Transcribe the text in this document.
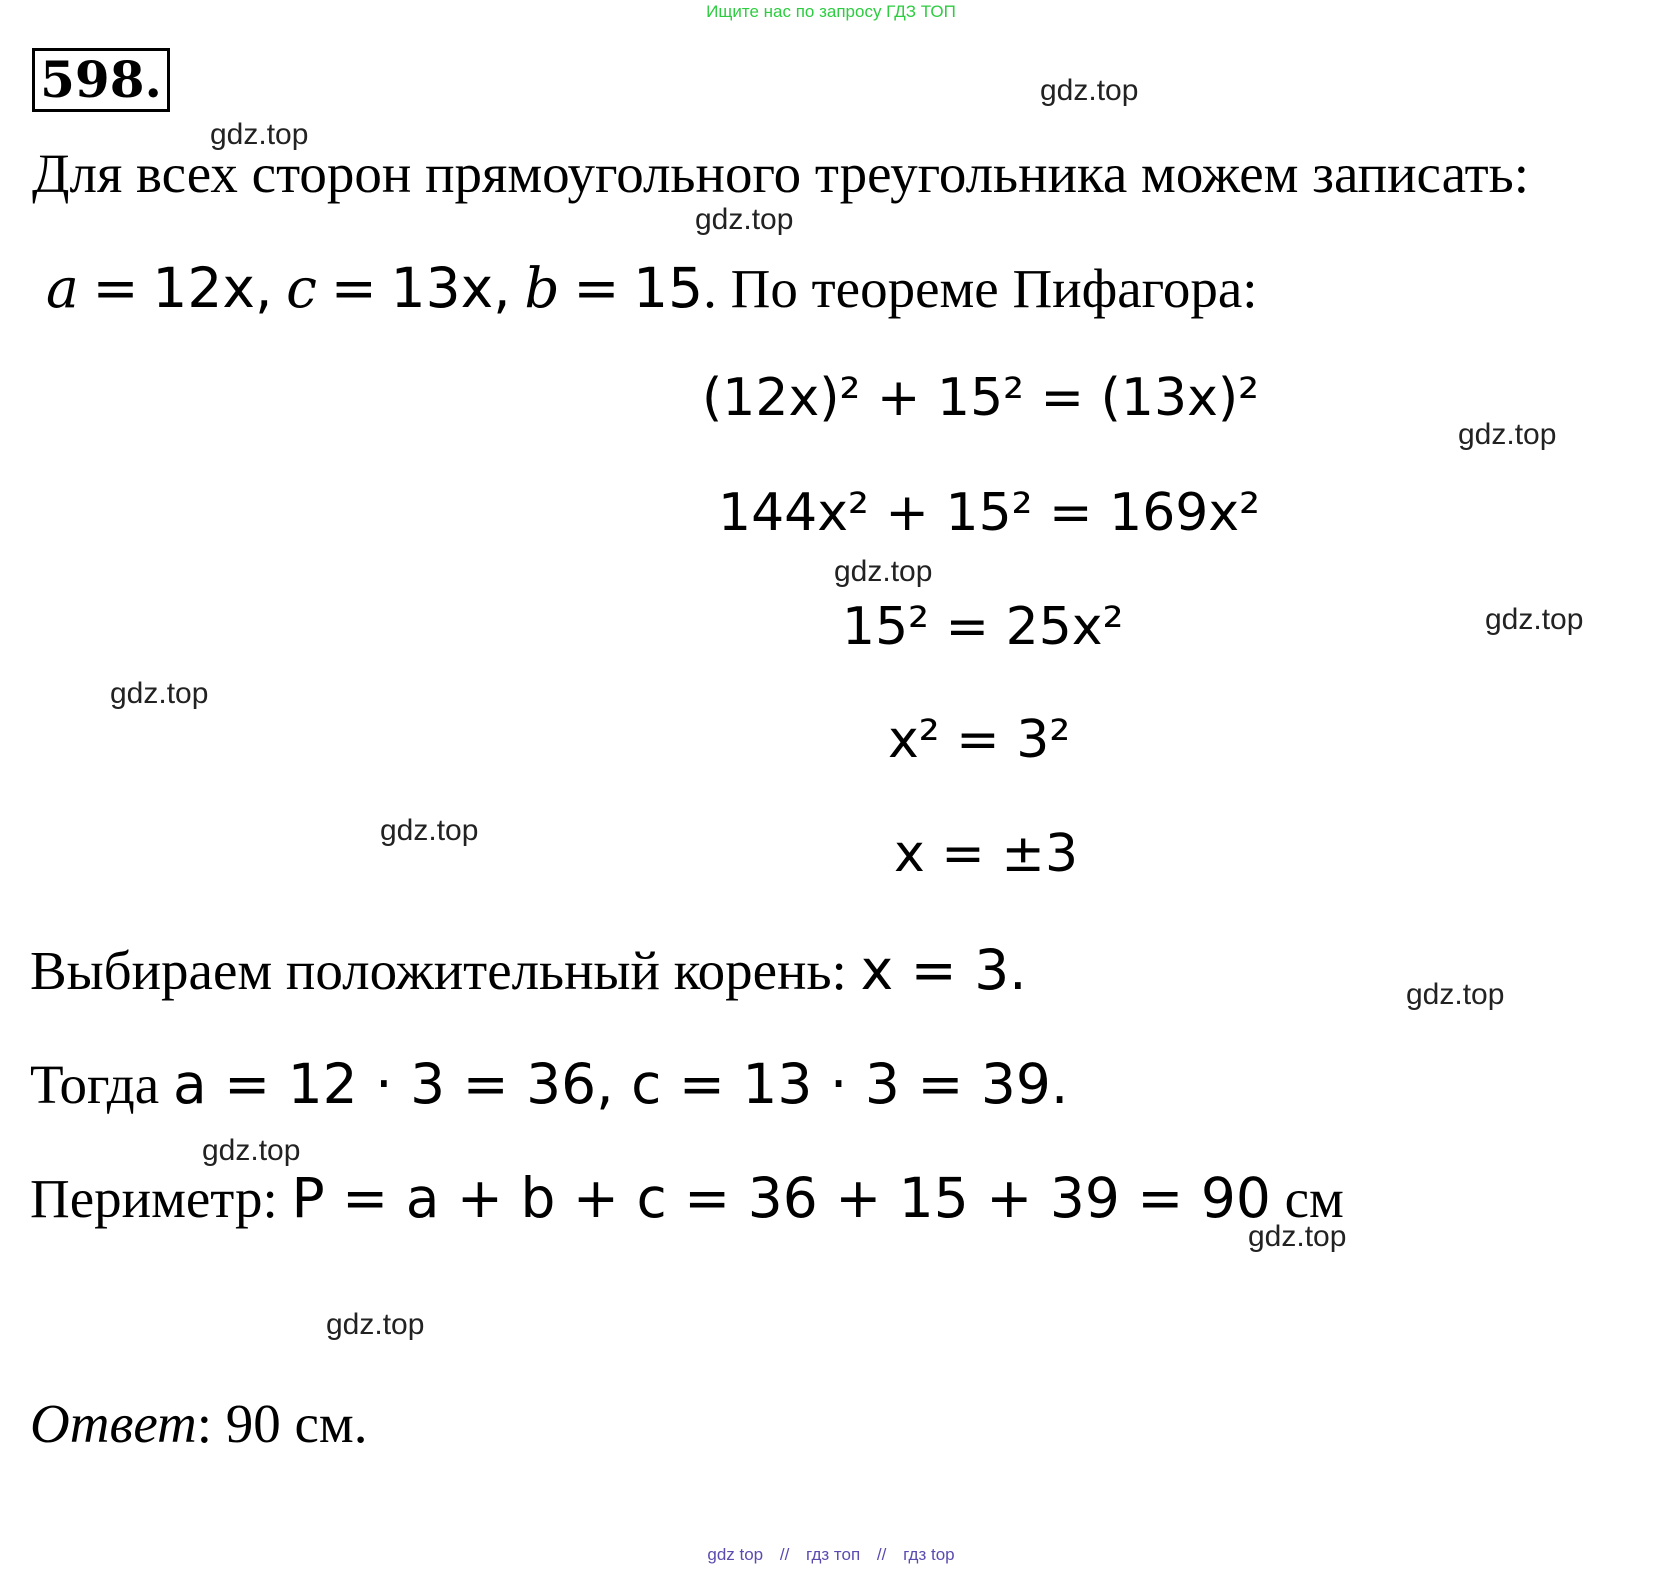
Ищите нас по запросу ГДЗ ТОП
598.	gdz.top
gdz.top
gdz.top
gdz.top
gdz.top
gdz.top
gdz.top
gdz.top
gdz.top
gdz.top
gdz.top
gdz.top
Для всех сторон прямоугольного треугольника можем записать:
a = 12x, c = 13x, b = 15. По теореме Пифагора:
(12x)² + 15² = (13x)²
144x² + 15² = 169x²
15² = 25x²
x² = 3²
x = ±3
Выбираем положительный корень: x = 3.
Тогда a = 12 · 3 = 36, c = 13 · 3 = 39.
Периметр: P = a + b + c = 36 + 15 + 39 = 90 см
Ответ: 90 см.
gdz top // гдз топ // гдз top
